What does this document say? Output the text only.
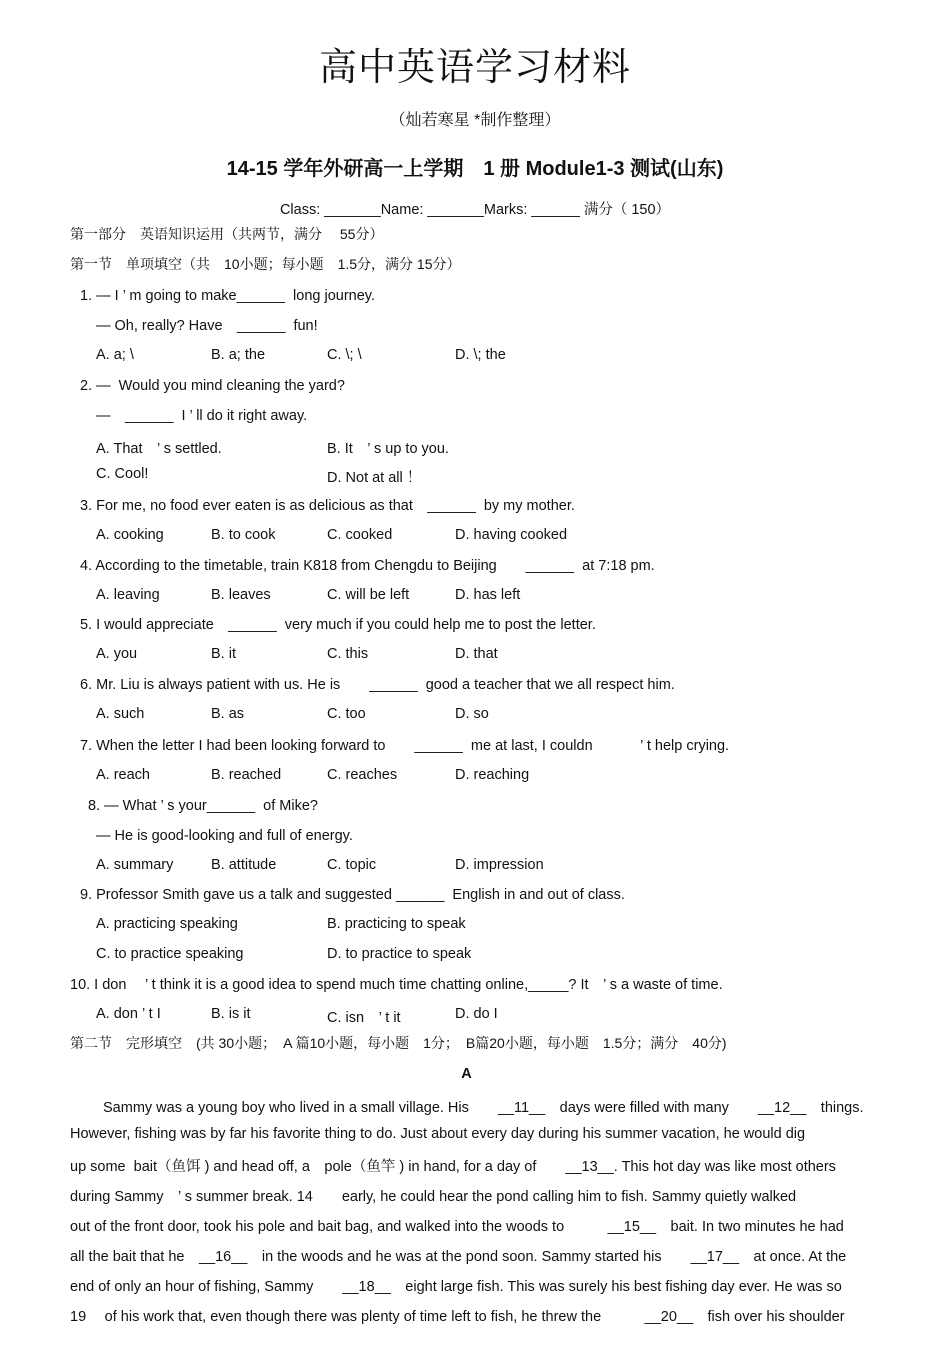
高中英语学习材料
（灿若寒星 *制作整理）
14-15 学年外研高一上学期　1 册 Module1-3 测试(山东)
Class: _______Name: _______Marks: ______ 满分（ 150）
第一部分　英语知识运用（共两节，满分　 55分）
第一节　单项填空（共　10小题；每小题　1.5分，满分 15分）
1. — I ’ m going to make______  long journey.
— Oh, really? Have　______  fun!
A. a; \	B. a; the	C. \; \	D. \; the
2. —  Would you mind cleaning the yard?
—　______  I ’ ll do it right away.
A. That　’ s settled.	B. It　’ s up to you.
C. Cool!	D. Not at all ！
3. For me, no food ever eaten is as delicious as that　______  by my mother.
A. cooking	B. to cook	C. cooked	D. having cooked
4. According to the timetable, train K818 from Chengdu to Beijing　　______  at 7:18 pm.
A. leaving	B. leaves	C. will be left	D. has left
5. I would appreciate　______  very much if you could help me to post the letter.
A. you	B. it	C. this	D. that
6. Mr. Liu is always patient with us. He is　　______  good a teacher that we all respect him.
A. such	B. as	C. too	D. so
7. When the letter I had been looking forward to　　______  me at last, I couldn　　　 ’ t help crying.
A. reach	B. reached	C. reaches	D. reaching
8. — What ’ s your______  of Mike?
— He is good-looking and full of energy.
A. summary	B. attitude	C. topic	D. impression
9. Professor Smith gave us a talk and suggested ______  English in and out of class.
A. practicing speaking	B. practicing to speak
C. to practice speaking	D. to practice to speak
10. I don　 ’ t think it is a good idea to spend much time chatting online,_____? It　’ s a waste of time.
A. don ’ t I	B. is it	C. isn　’ t it	D. do I
第二节　完形填空　(共 30小题；　A 篇10小题，每小题　1分；　B篇20小题，每小题　1.5分；满分　40分)
A
Sammy was a young boy who lived in a small village. His　　__11__　days were filled with many　　__12__　things.
However, fishing was by far his favorite thing to do. Just about every day during his summer vacation, he would dig
up some  bait（鱼饵 ) and head off, a　pole（鱼竿 ) in hand, for a day of　　__13__. This hot day was like most others
during Sammy　’ s summer break. 14　　early, he could hear the pond calling him to fish. Sammy quietly walked
out of the front door, took his pole and bait bag, and walked into the woods to　　　__15__　bait. In two minutes he had
all the bait that he　__16__　in the woods and he was at the pond soon. Sammy started his　　__17__　at once. At the
end of only an hour of fishing, Sammy　　__18__　eight large fish. This was surely his best fishing day ever. He was so
19　 of his work that, even though there was plenty of time left to fish, he threw the　　　__20__　fish over his shoulder
